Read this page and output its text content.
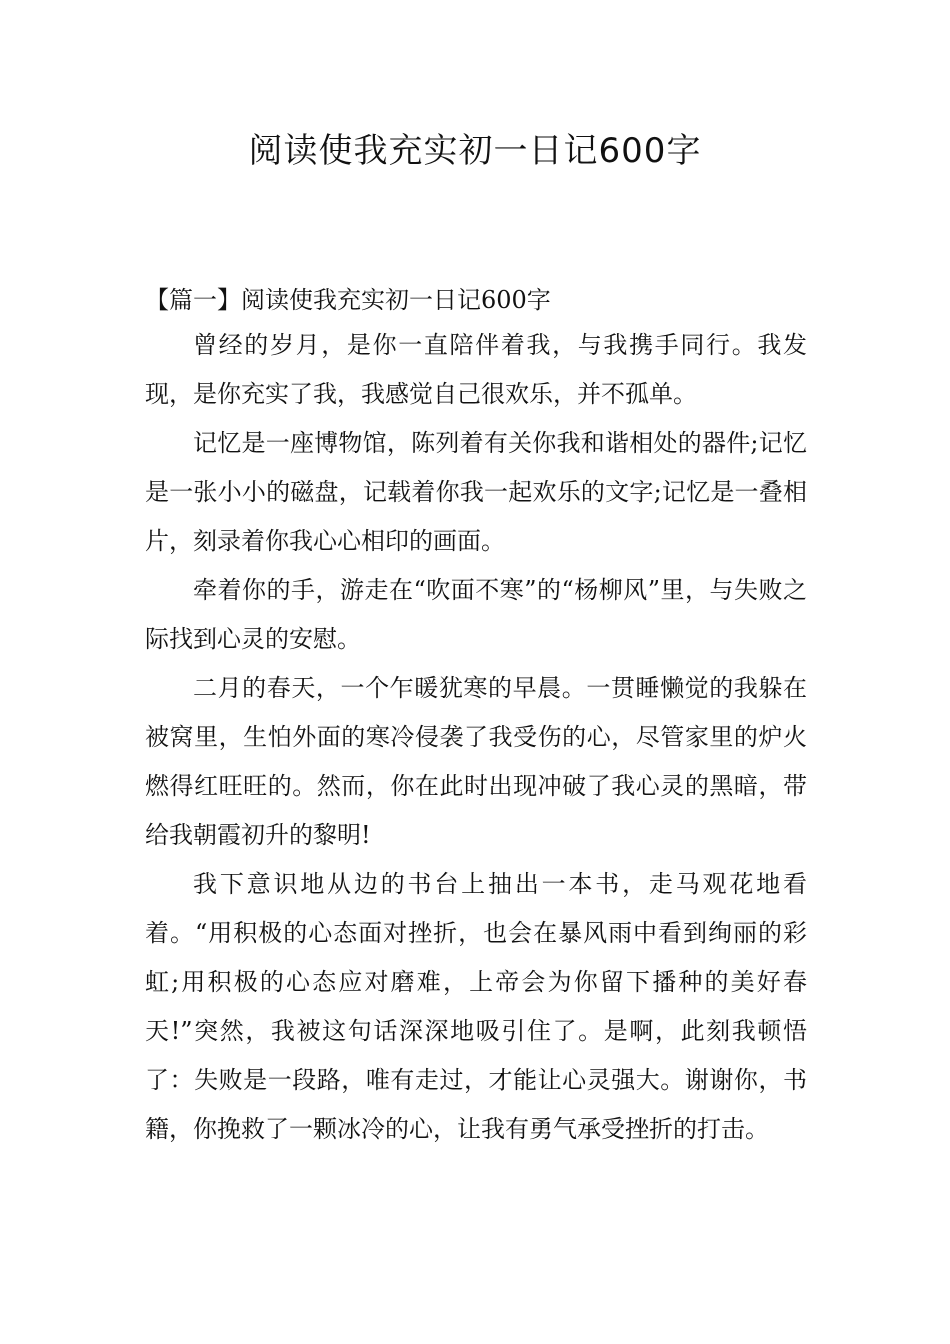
阅读使我充实初一日记600字
【篇一】阅读使我充实初一日记600字

曾经的岁月，是你一直陪伴着我，与我携手同行。我发现，是你充实了我，我感觉自己很欢乐，并不孤单。

记忆是一座博物馆，陈列着有关你我和谐相处的器件;记忆是一张小小的磁盘，记载着你我一起欢乐的文字;记忆是一叠相片，刻录着你我心心相印的画面。

牵着你的手，游走在“吹面不寒”的“杨柳风”里，与失败之际找到心灵的安慰。

二月的春天，一个乍暖犹寒的早晨。一贯睡懒觉的我躲在被窝里，生怕外面的寒冷侵袭了我受伤的心，尽管家里的炉火燃得红旺旺的。然而，你在此时出现冲破了我心灵的黑暗，带给我朝霞初升的黎明!

我下意识地从边的书台上抽出一本书，走马观花地看着。“用积极的心态面对挫折，也会在暴风雨中看到绚丽的彩虹;用积极的心态应对磨难，上帝会为你留下播种的美好春天!”突然，我被这句话深深地吸引住了。是啊，此刻我顿悟了：失败是一段路，唯有走过，才能让心灵强大。谢谢你，书籍，你挽救了一颗冰冷的心，让我有勇气承受挫折的打击。
